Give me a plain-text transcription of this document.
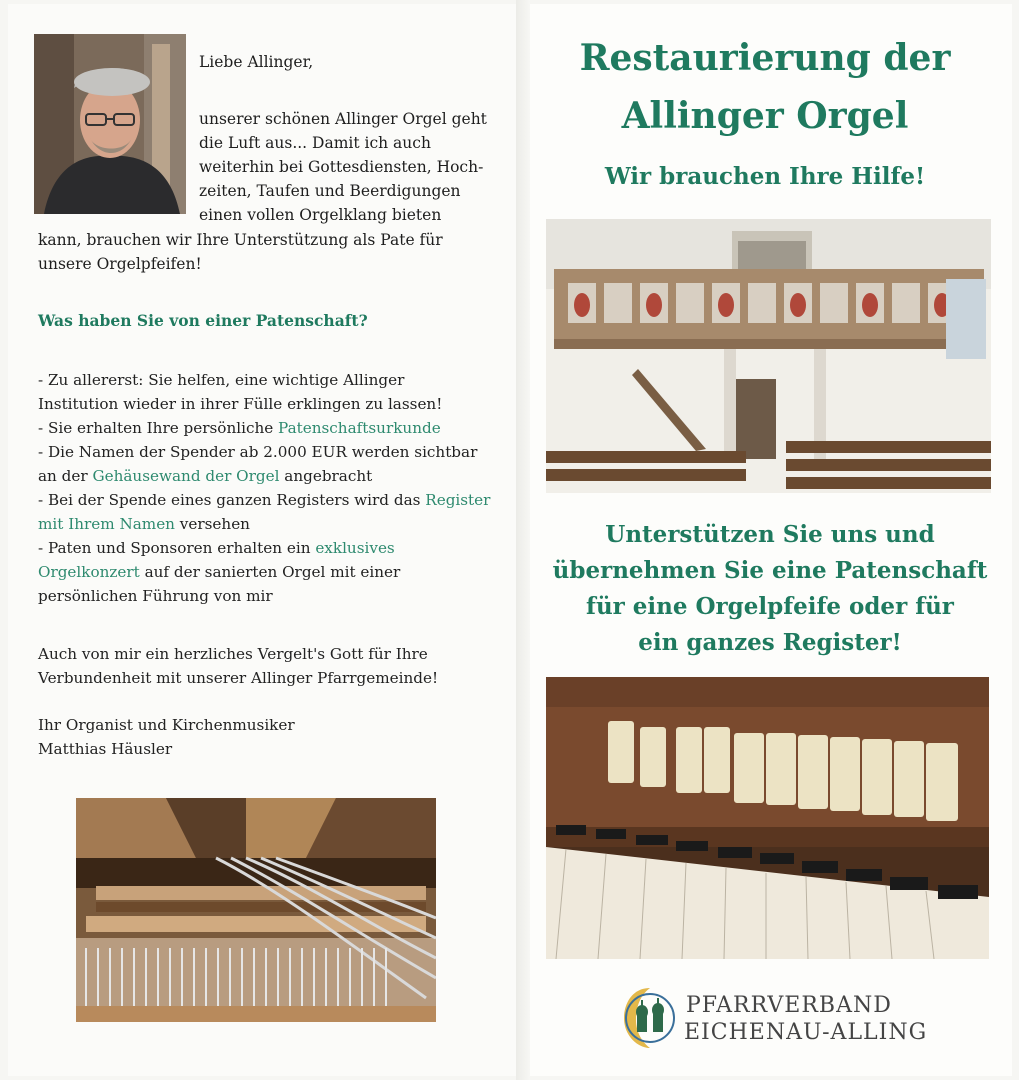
Liebe Allinger,
unserer schönen Allinger Orgel geht
die Luft aus... Damit ich auch
weiterhin bei Gottesdiensten, Hoch-
zeiten, Taufen und Beerdigungen
einen vollen Orgelklang bieten
kann, brauchen wir Ihre Unterstützung als Pate für
unsere Orgelpfeifen!
Was haben Sie von einer Patenschaft?
- Zu allererst: Sie helfen, eine wichtige Allinger
Institution wieder in ihrer Fülle erklingen zu lassen!
- Sie erhalten Ihre persönliche Patenschaftsurkunde
- Die Namen der Spender ab 2.000 EUR werden sichtbar
an der Gehäusewand der Orgel angebracht
- Bei der Spende eines ganzen Registers wird das Register
mit Ihrem Namen versehen
- Paten und Sponsoren erhalten ein exklusives
Orgelkonzert auf der sanierten Orgel mit einer
persönlichen Führung von mir
Auch von mir ein herzliches Vergelt's Gott für Ihre
Verbundenheit mit unserer Allinger Pfarrgemeinde!
Ihr Organist und Kirchenmusiker
Matthias Häusler
Restaurierung der
Allinger Orgel
Wir brauchen Ihre Hilfe!
Unterstützen Sie uns und
übernehmen Sie eine Patenschaft
für eine Orgelpfeife oder für
ein ganzes Register!
PFARRVERBAND
EICHENAU-ALLING
